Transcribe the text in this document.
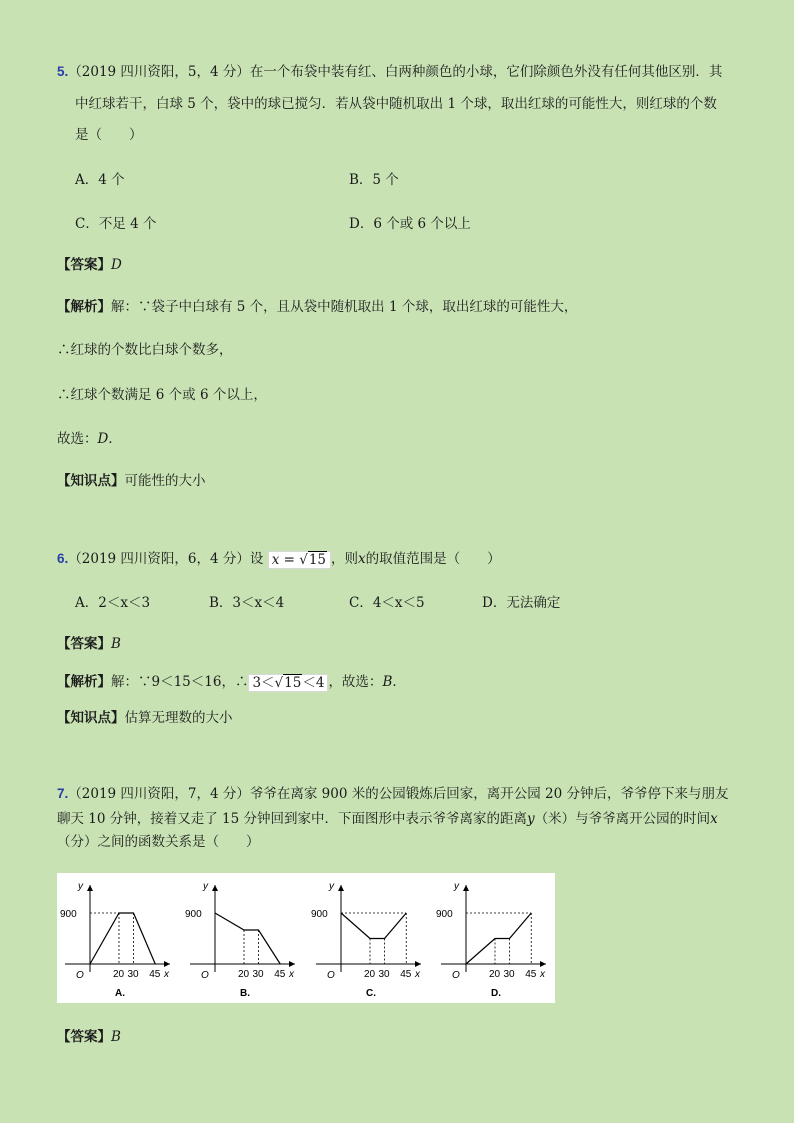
5.（2019 四川资阳，5，4 分）在一个布袋中装有红、白两种颜色的小球，它们除颜色外没有任何其他区别．其
中红球若干，白球 5 个，袋中的球已搅匀．若从袋中随机取出 1 个球，取出红球的可能性大，则红球的个数
是（　　）
A．4 个	B．5 个
C．不足 4 个	D．6 个或 6 个以上
【答案】D
【解析】解：∵袋子中白球有 5 个，且从袋中随机取出 1 个球，取出红球的可能性大，
∴红球的个数比白球个数多，
∴红球个数满足 6 个或 6 个以上，
故选：D．
【知识点】可能性的大小
6.（2019 四川资阳，6，4 分）设 x = √15 ，则x的取值范围是（　　）
A．2＜x＜3	B．3＜x＜4	C．4＜x＜5	D．无法确定
【答案】B
【解析】解：∵9＜15＜16，∴ 3＜√15＜4 ，故选：B．
【知识点】估算无理数的大小
7.（2019 四川资阳，7，4 分）爷爷在离家 900 米的公园锻炼后回家，离开公园 20 分钟后，爷爷停下来与朋友
聊天 10 分钟，接着又走了 15 分钟回到家中．下面图形中表示爷爷离家的距离y（米）与爷爷离开公园的时间x
（分）之间的函数关系是（　　）
y
900
O	20 30 45 x
A.
y
900
O	20 30 45 x
B.
y
900
O	20 30 45 x
C.
y
900
O	20 30 45 x
D.
【答案】B
